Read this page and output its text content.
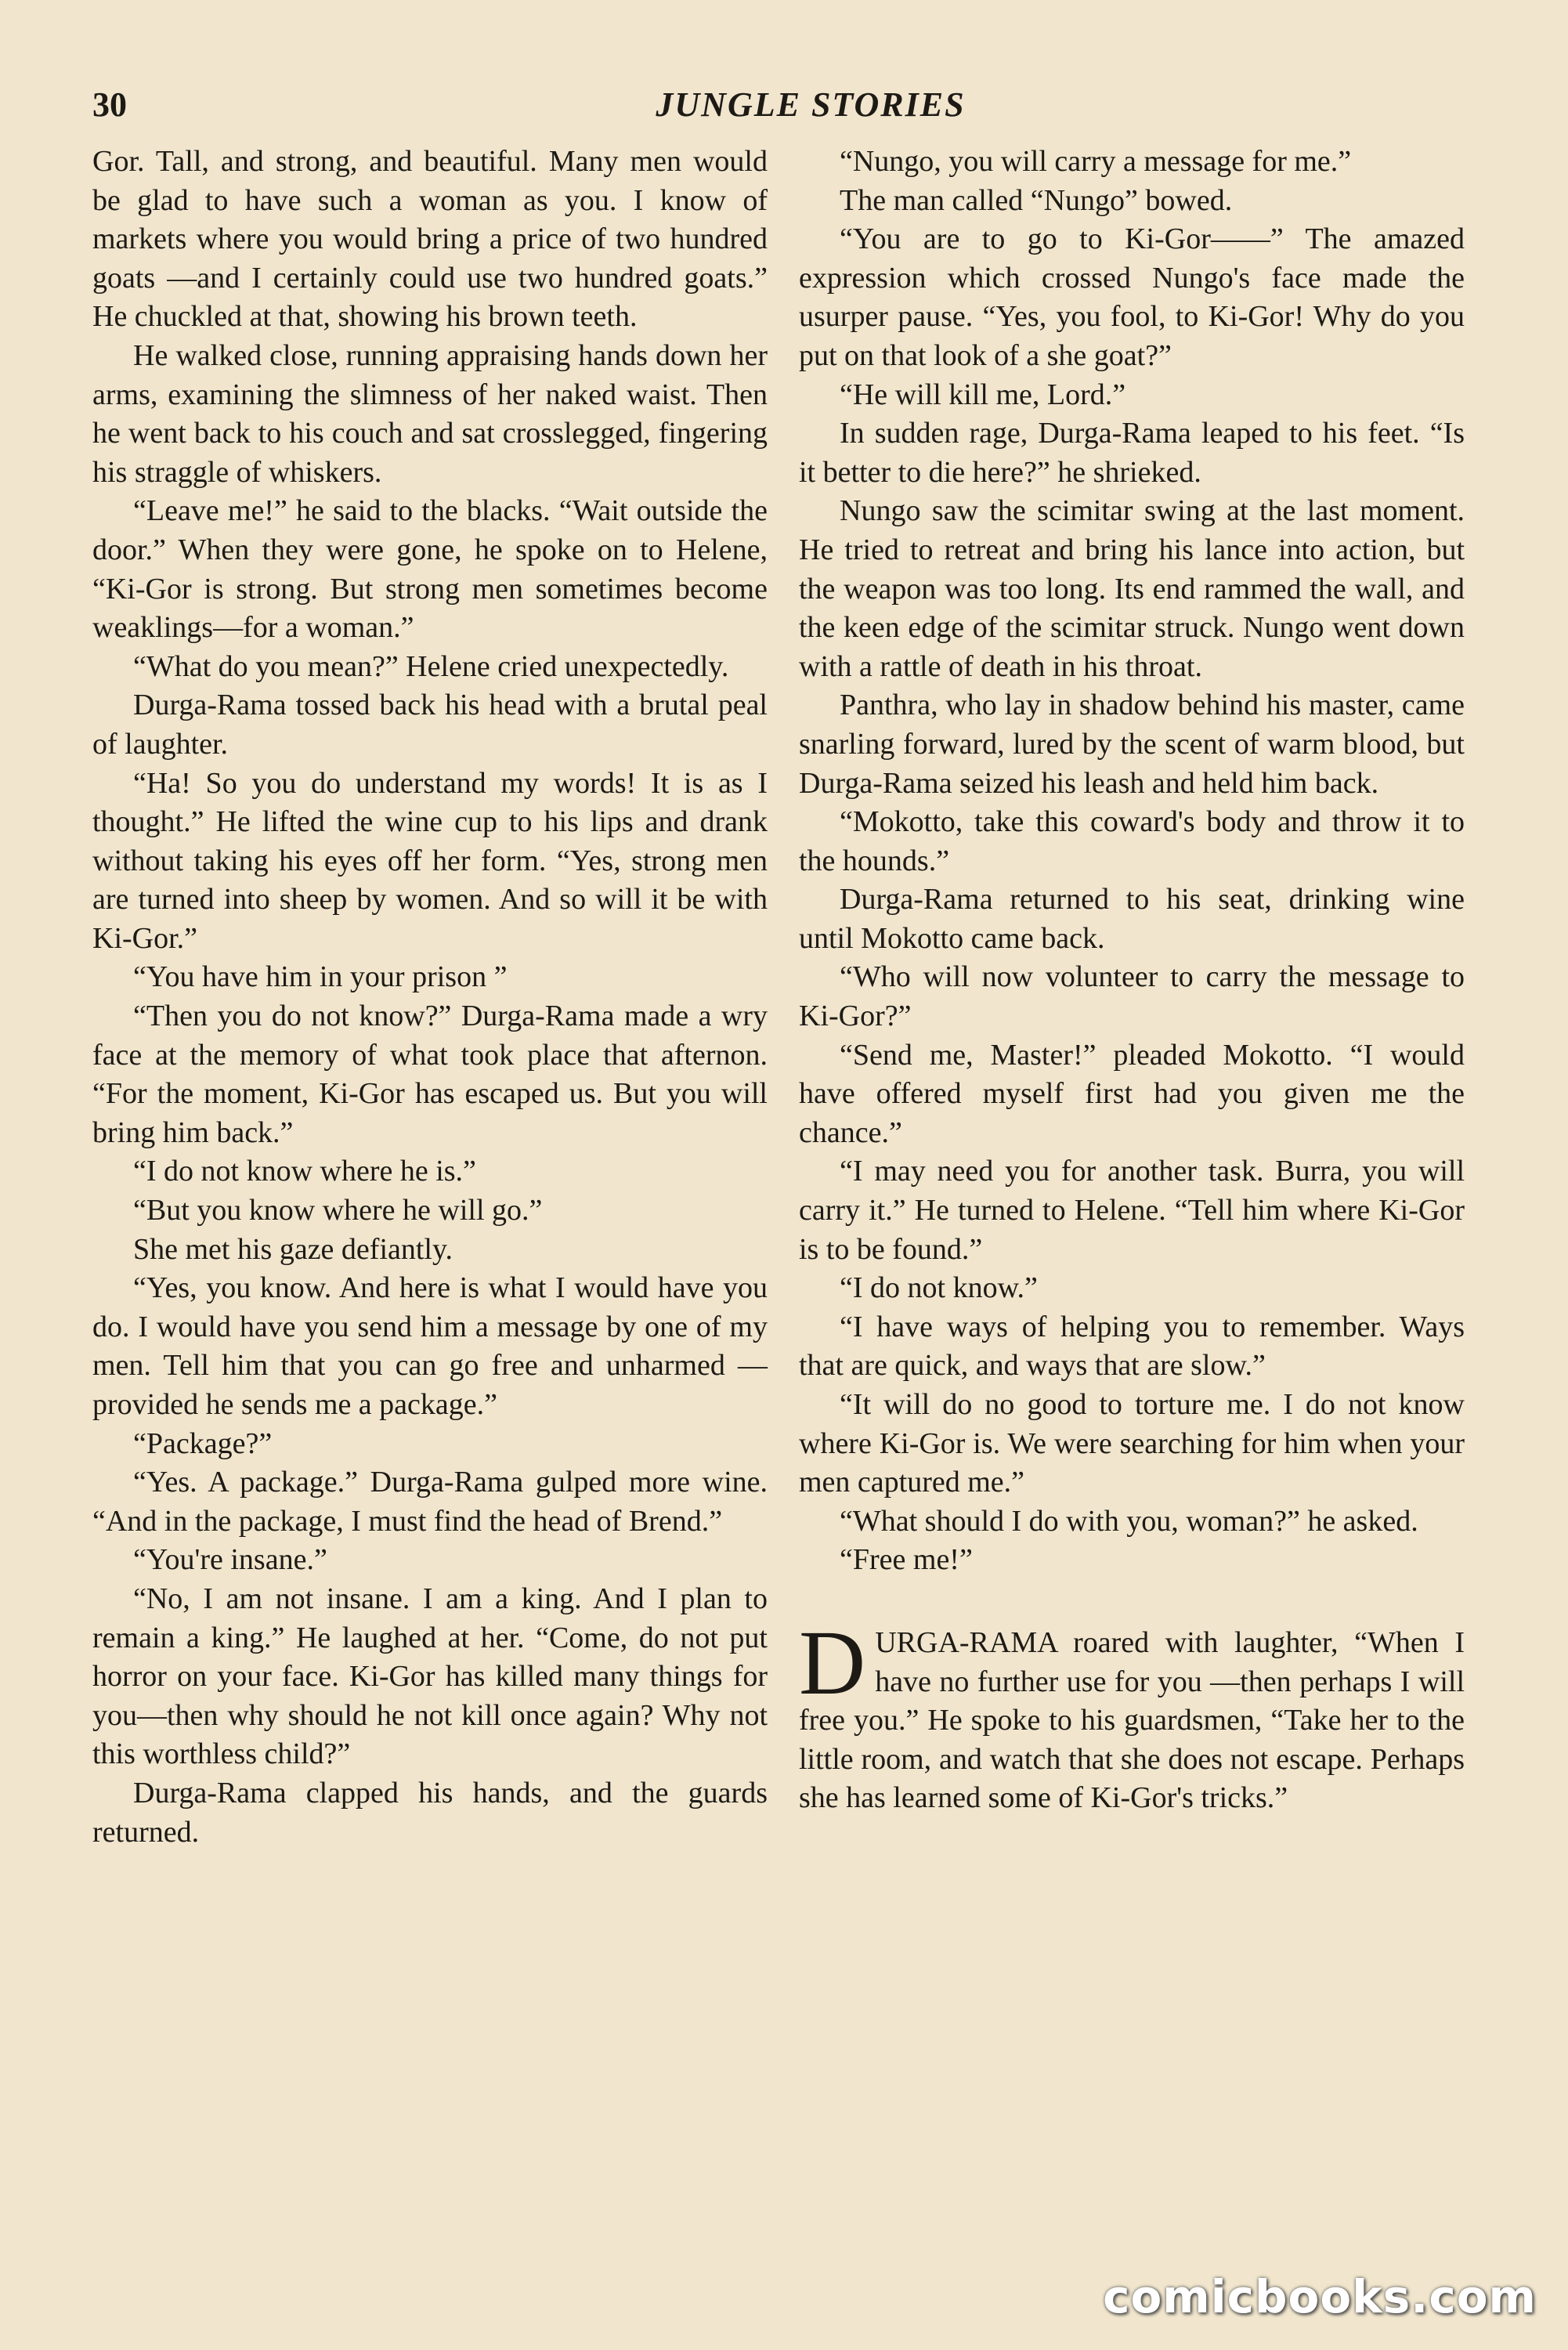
30	JUNGLE STORIES

Gor. Tall, and strong, and beautiful. Many men would be glad to have such a woman as you. I know of markets where you would bring a price of two hundred goats —and I certainly could use two hundred goats.” He chuckled at that, showing his brown teeth.

He walked close, running appraising hands down her arms, examining the slimness of her naked waist. Then he went back to his couch and sat crosslegged, fingering his straggle of whiskers.

“Leave me!” he said to the blacks. “Wait outside the door.” When they were gone, he spoke on to Helene, “Ki-Gor is strong. But strong men sometimes become weaklings—for a woman.”

“What do you mean?” Helene cried unexpectedly.

Durga-Rama tossed back his head with a brutal peal of laughter.

“Ha! So you do understand my words! It is as I thought.” He lifted the wine cup to his lips and drank without taking his eyes off her form. “Yes, strong men are turned into sheep by women. And so will it be with Ki-Gor.”

“You have him in your prison ”

“Then you do not know?” Durga-Rama made a wry face at the memory of what took place that afternon. “For the moment, Ki-Gor has escaped us. But you will bring him back.”

“I do not know where he is.”

“But you know where he will go.”

She met his gaze defiantly.

“Yes, you know. And here is what I would have you do. I would have you send him a message by one of my men. Tell him that you can go free and unharmed —provided he sends me a package.”

“Package?”

“Yes. A package.” Durga-Rama gulped more wine. “And in the package, I must find the head of Brend.”

“You're insane.”

“No, I am not insane. I am a king. And I plan to remain a king.” He laughed at her. “Come, do not put horror on your face. Ki-Gor has killed many things for you—then why should he not kill once again? Why not this worthless child?”

Durga-Rama clapped his hands, and the guards returned.

“Nungo, you will carry a message for me.”

The man called “Nungo” bowed.

“You are to go to Ki-Gor——” The amazed expression which crossed Nungo's face made the usurper pause. “Yes, you fool, to Ki-Gor! Why do you put on that look of a she goat?”

“He will kill me, Lord.”

In sudden rage, Durga-Rama leaped to his feet. “Is it better to die here?” he shrieked.

Nungo saw the scimitar swing at the last moment. He tried to retreat and bring his lance into action, but the weapon was too long. Its end rammed the wall, and the keen edge of the scimitar struck. Nungo went down with a rattle of death in his throat.

Panthra, who lay in shadow behind his master, came snarling forward, lured by the scent of warm blood, but Durga-Rama seized his leash and held him back.

“Mokotto, take this coward's body and throw it to the hounds.”

Durga-Rama returned to his seat, drinking wine until Mokotto came back.

“Who will now volunteer to carry the message to Ki-Gor?”

“Send me, Master!” pleaded Mokotto. “I would have offered myself first had you given me the chance.”

“I may need you for another task. Burra, you will carry it.” He turned to Helene. “Tell him where Ki-Gor is to be found.”

“I do not know.”

“I have ways of helping you to remember. Ways that are quick, and ways that are slow.”

“It will do no good to torture me. I do not know where Ki-Gor is. We were searching for him when your men captured me.”

“What should I do with you, woman?” he asked.

“Free me!”

DURGA-RAMA roared with laughter, “When I have no further use for you —then perhaps I will free you.” He spoke to his guardsmen, “Take her to the little room, and watch that she does not escape. Perhaps she has learned some of Ki-Gor's tricks.”

comicbooks.com
